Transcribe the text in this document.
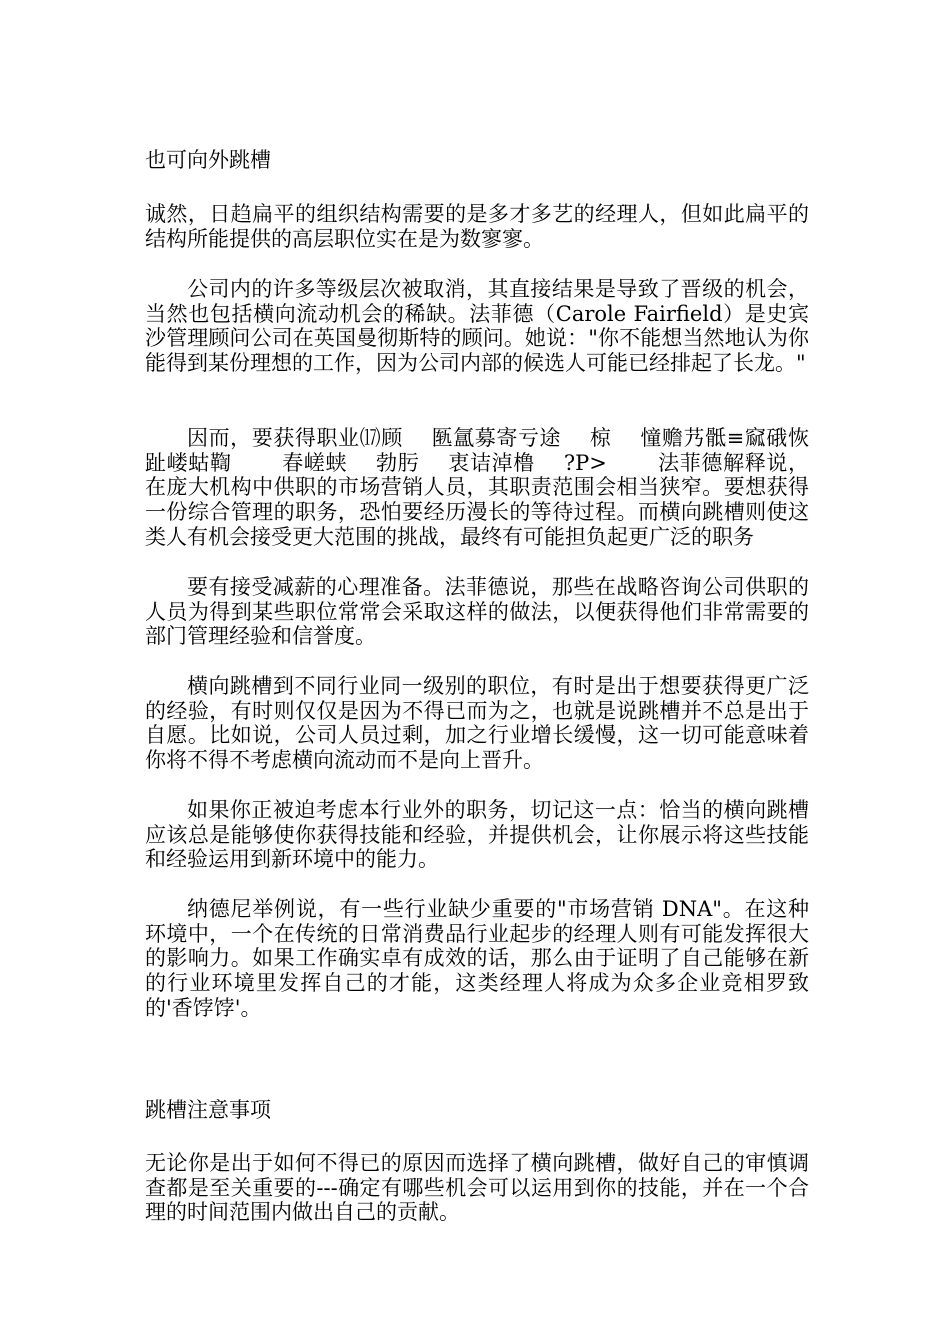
也可向外跳槽

诚然，日趋扁平的组织结构需要的是多才多艺的经理人，但如此扁平的结构所能提供的高层职位实在是为数寥寥。

公司内的许多等级层次被取消，其直接结果是导致了晋级的机会，当然也包括横向流动机会的稀缺。法菲德（Carole Fairfield）是史宾沙管理顾问公司在英国曼彻斯特的顾问。她说："你不能想当然地认为你能得到某份理想的工作，因为公司内部的候选人可能已经排起了长龙。"

因而，要获得职业⒄顾　 匦氲募寄亏途　 椋　 憧赡艿骶≡窳硪恢趾嵝蛄鞫　　 春嵯蛱　 勃肟　 衷诘淖橹　 ?P>　　 法菲德解释说，在庞大机构中供职的市场营销人员，其职责范围会相当狭窄。要想获得一份综合管理的职务，恐怕要经历漫长的等待过程。而横向跳槽则使这类人有机会接受更大范围的挑战，最终有可能担负起更广泛的职务

要有接受减薪的心理准备。法菲德说，那些在战略咨询公司供职的人员为得到某些职位常常会采取这样的做法，以便获得他们非常需要的部门管理经验和信誉度。

横向跳槽到不同行业同一级别的职位，有时是出于想要获得更广泛的经验，有时则仅仅是因为不得已而为之，也就是说跳槽并不总是出于自愿。比如说，公司人员过剩，加之行业增长缓慢，这一切可能意味着你将不得不考虑横向流动而不是向上晋升。

如果你正被迫考虑本行业外的职务，切记这一点：恰当的横向跳槽应该总是能够使你获得技能和经验，并提供机会，让你展示将这些技能和经验运用到新环境中的能力。

纳德尼举例说，有一些行业缺少重要的"市场营销 DNA"。在这种环境中，一个在传统的日常消费品行业起步的经理人则有可能发挥很大的影响力。如果工作确实卓有成效的话，那么由于证明了自己能够在新的行业环境里发挥自己的才能，这类经理人将成为众多企业竞相罗致的'香饽饽'。

跳槽注意事项

无论你是出于如何不得已的原因而选择了横向跳槽，做好自己的审慎调查都是至关重要的---确定有哪些机会可以运用到你的技能，并在一个合理的时间范围内做出自己的贡献。
